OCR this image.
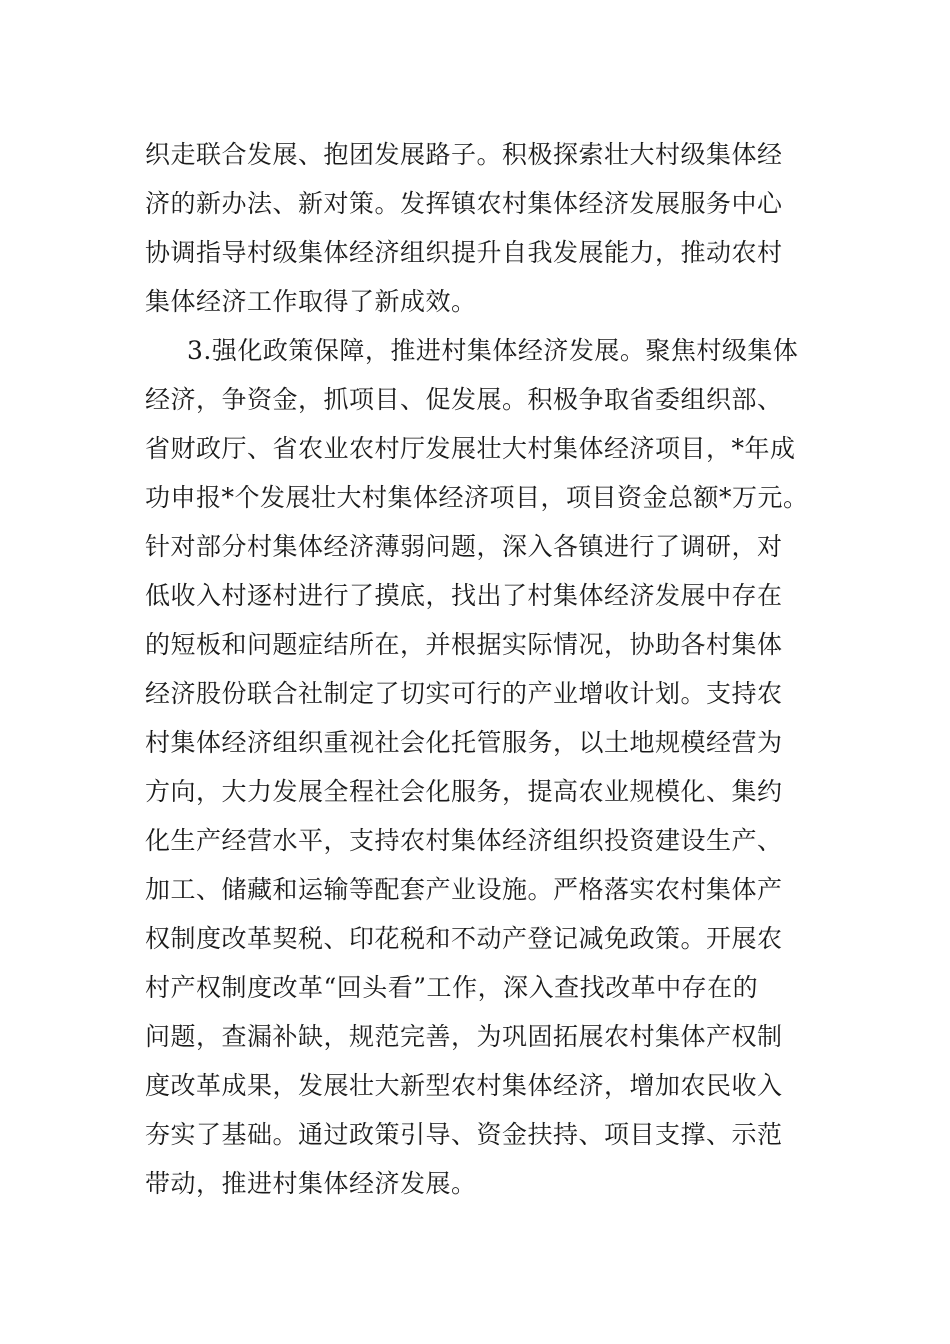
织走联合发展、抱团发展路子。积极探索壮大村级集体经
济的新办法、新对策。发挥镇农村集体经济发展服务中心
协调指导村级集体经济组织提升自我发展能力，推动农村
集体经济工作取得了新成效。
3.强化政策保障，推进村集体经济发展。聚焦村级集体
经济，争资金，抓项目、促发展。积极争取省委组织部、
省财政厅、省农业农村厅发展壮大村集体经济项目，*年成
功申报*个发展壮大村集体经济项目，项目资金总额*万元。
针对部分村集体经济薄弱问题，深入各镇进行了调研，对
低收入村逐村进行了摸底，找出了村集体经济发展中存在
的短板和问题症结所在，并根据实际情况，协助各村集体
经济股份联合社制定了切实可行的产业增收计划。支持农
村集体经济组织重视社会化托管服务，以土地规模经营为
方向，大力发展全程社会化服务，提高农业规模化、集约
化生产经营水平，支持农村集体经济组织投资建设生产、
加工、储藏和运输等配套产业设施。严格落实农村集体产
权制度改革契税、印花税和不动产登记减免政策。开展农
村产权制度改革“回头看”工作，深入查找改革中存在的
问题，查漏补缺，规范完善，为巩固拓展农村集体产权制
度改革成果，发展壮大新型农村集体经济，增加农民收入
夯实了基础。通过政策引导、资金扶持、项目支撑、示范
带动，推进村集体经济发展。
